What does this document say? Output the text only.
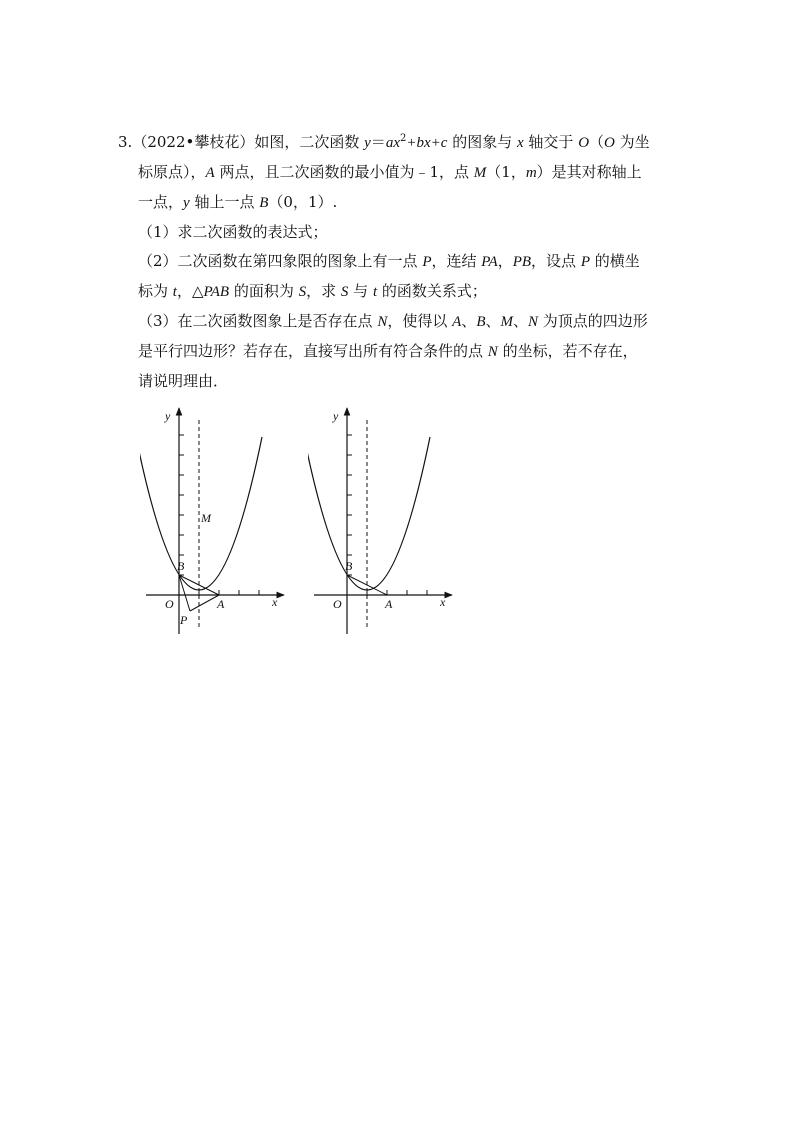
3.（2022•攀枝花）如图，二次函数 $y=ax^2+bx+c$ 的图象与 x 轴交于 O（O 为坐
标原点），A 两点，且二次函数的最小值为﹣1，点 M（1，m）是其对称轴上
一点，y 轴上一点 B（0，1）.
（1）求二次函数的表达式；
（2）二次函数在第四象限的图象上有一点 P，连结 PA，PB，设点 P 的横坐
标为 t，△PAB 的面积为 S，求 S 与 t 的函数关系式；
（3）在二次函数图象上是否存在点 N，使得以 A、B、M、N 为顶点的四边形
是平行四边形？若存在，直接写出所有符合条件的点 N 的坐标，若不存在，
请说明理由．
y
x
O	A
B
M
P
y
x
O	A
B
